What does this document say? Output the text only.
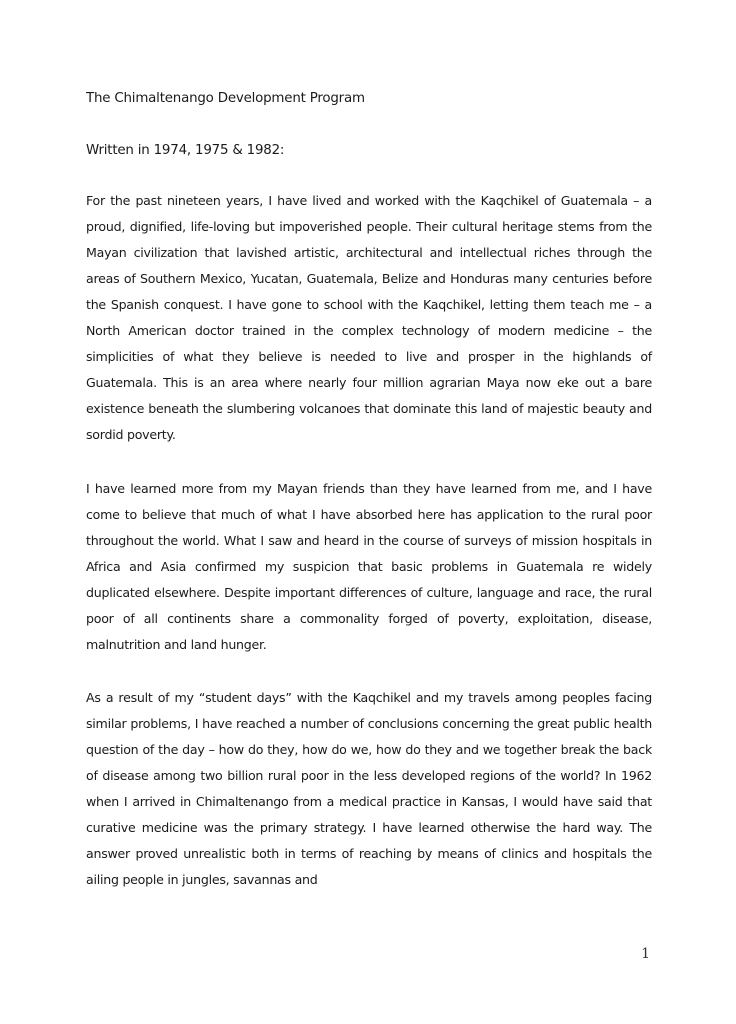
The Chimaltenango Development Program
Written in 1974, 1975 & 1982:

For the past nineteen years, I have lived and worked with the Kaqchikel of Guatemala – a proud, dignified, life-loving but impoverished people. Their cultural heritage stems from the Mayan civilization that lavished artistic, architectural and intellectual riches through the areas of Southern Mexico, Yucatan, Guatemala, Belize and Honduras many centuries before the Spanish conquest. I have gone to school with the Kaqchikel, letting them teach me – a North American doctor trained in the complex technology of modern medicine – the simplicities of what they believe is needed to live and prosper in the highlands of Guatemala. This is an area where nearly four million agrarian Maya now eke out a bare existence beneath the slumbering volcanoes that dominate this land of majestic beauty and sordid poverty.

I have learned more from my Mayan friends than they have learned from me, and I have come to believe that much of what I have absorbed here has application to the rural poor throughout the world. What I saw and heard in the course of surveys of mission hospitals in Africa and Asia confirmed my suspicion that basic problems in Guatemala re widely duplicated elsewhere. Despite important differences of culture, language and race, the rural poor of all continents share a commonality forged of poverty, exploitation, disease, malnutrition and land hunger.

As a result of my “student days” with the Kaqchikel and my travels among peoples facing similar problems, I have reached a number of conclusions concerning the great public health question of the day – how do they, how do we, how do they and we together break the back of disease among two billion rural poor in the less developed regions of the world? In 1962 when I arrived in Chimaltenango from a medical practice in Kansas, I would have said that curative medicine was the primary strategy. I have learned otherwise the hard way. The answer proved unrealistic both in terms of reaching by means of clinics and hospitals the ailing people in jungles, savannas and

1
